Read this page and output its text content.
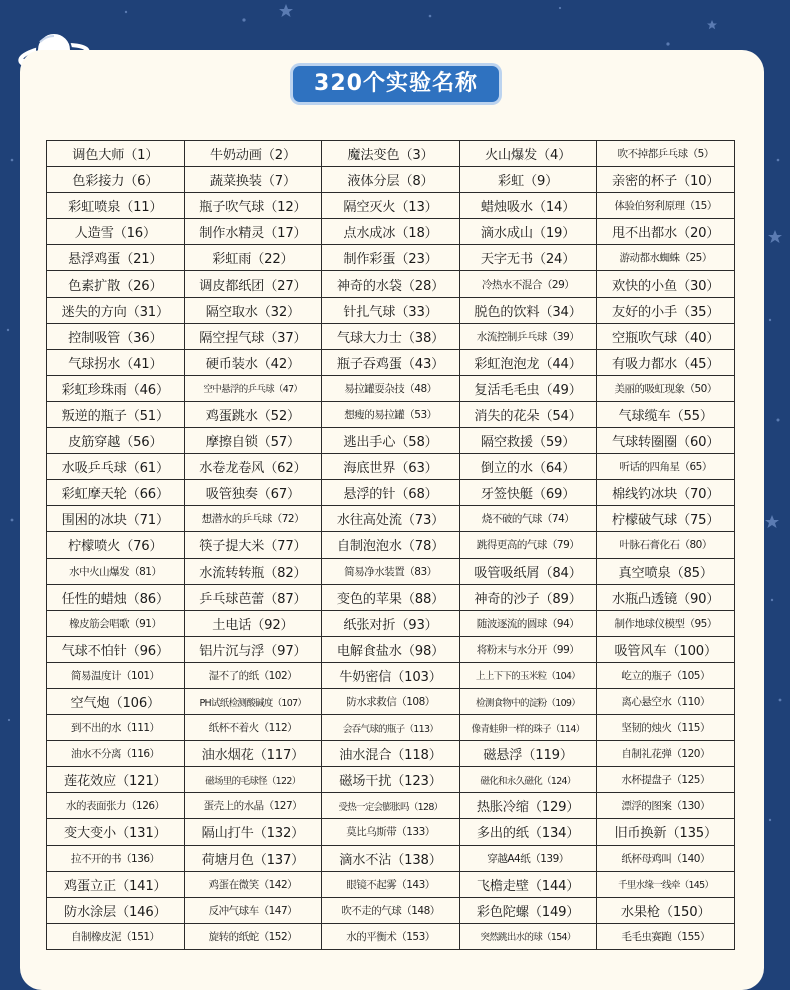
320个实验名称
调色大师（1）	牛奶动画（2）	魔法变色（3）	火山爆发（4）	吹不掉都乒乓球（5）
色彩接力（6）	蔬菜换装（7）	液体分层（8）	彩虹（9）	亲密的杯子（10）
彩虹喷泉（11）	瓶子吹气球（12）	隔空灭火（13）	蜡烛吸水（14）	体验伯努利原理（15）
人造雪（16）	制作水精灵（17）	点水成冰（18）	滴水成山（19）	甩不出都水（20）
悬浮鸡蛋（21）	彩虹雨（22）	制作彩蛋（23）	天字无书（24）	游动都水蜘蛛（25）
色素扩散（26）	调皮都纸团（27）	神奇的水袋（28）	冷热水不混合（29）	欢快的小鱼（30）
迷失的方向（31）	隔空取水（32）	针扎气球（33）	脱色的饮料（34）	友好的小手（35）
控制吸管（36）	隔空捏气球（37）	气球大力士（38）	水流控制乒乓球（39）	空瓶吹气球（40）
气球拐水（41）	硬币装水（42）	瓶子吞鸡蛋（43）	彩虹泡泡龙（44）	有吸力都水（45）
彩虹珍珠雨（46）	空中悬浮的乒乓球（47）	易拉罐耍杂技（48）	复活毛毛虫（49）	美丽的吸虹现象（50）
叛逆的瓶子（51）	鸡蛋跳水（52）	想瘦的易拉罐（53）	消失的花朵（54）	气球缆车（55）
皮筋穿越（56）	摩擦自锁（57）	逃出手心（58）	隔空救援（59）	气球转圈圈（60）
水吸乒乓球（61）	水卷龙卷风（62）	海底世界（63）	倒立的水（64）	听话的四角星（65）
彩虹摩天轮（66）	吸管独奏（67）	悬浮的针（68）	牙签快艇（69）	棉线钓冰块（70）
围困的冰块（71）	想潜水的乒乓球（72）	水往高处流（73）	烧不破的气球（74）	柠檬破气球（75）
柠檬喷火（76）	筷子提大米（77）	自制泡泡水（78）	跳得更高的气球（79）	叶脉石膏化石（80）
水中火山爆发（81）	水流转转瓶（82）	简易净水装置（83）	吸管吸纸屑（84）	真空喷泉（85）
任性的蜡烛（86）	乒乓球芭蕾（87）	变色的苹果（88）	神奇的沙子（89）	水瓶凸透镜（90）
橡皮筋会唱歌（91）	土电话（92）	纸张对折（93）	随波逐流的圆球（94）	制作地球仪模型（95）
气球不怕针（96）	铝片沉与浮（97）	电解食盐水（98）	将粉末与水分开（99）	吸管风车（100）
简易温度计（101）	湿不了的纸（102）	牛奶密信（103）	上上下下的玉米粒（104）	屹立的瓶子（105）
空气炮（106）	PH试纸检测酸碱度（107）	防水求救信（108）	检测食物中的淀粉（109）	离心悬空水（110）
到不出的水（111）	纸杯不着火（112）	会吞气球的瓶子（113）	像青蛙卵一样的珠子（114）	坚韧的烛火（115）
油水不分离（116）	油水烟花（117）	油水混合（118）	磁悬浮（119）	自制礼花弹（120）
莲花效应（121）	磁场里的毛球怪（122）	磁场干扰（123）	磁化和永久磁化（124）	水杯提盘子（125）
水的表面张力（126）	蛋壳上的水晶（127）	受热一定会膨胀吗（128）	热胀冷缩（129）	漂浮的图案（130）
变大变小（131）	隔山打牛（132）	莫比乌斯带（133）	多出的纸（134）	旧币换新（135）
拉不开的书（136）	荷塘月色（137）	滴水不沾（138）	穿越A4纸（139）	纸杯母鸡叫（140）
鸡蛋立正（141）	鸡蛋在微笑（142）	眼镜不起雾（143）	飞檐走壁（144）	千里水缘一线牵（145）
防水涂层（146）	反冲气球车（147）	吹不走的气球（148）	彩色陀螺（149）	水果枪（150）
自制橡皮泥（151）	旋转的纸蛇（152）	水的平衡术（153）	突然跳出水的球（154）	毛毛虫赛跑（155）
